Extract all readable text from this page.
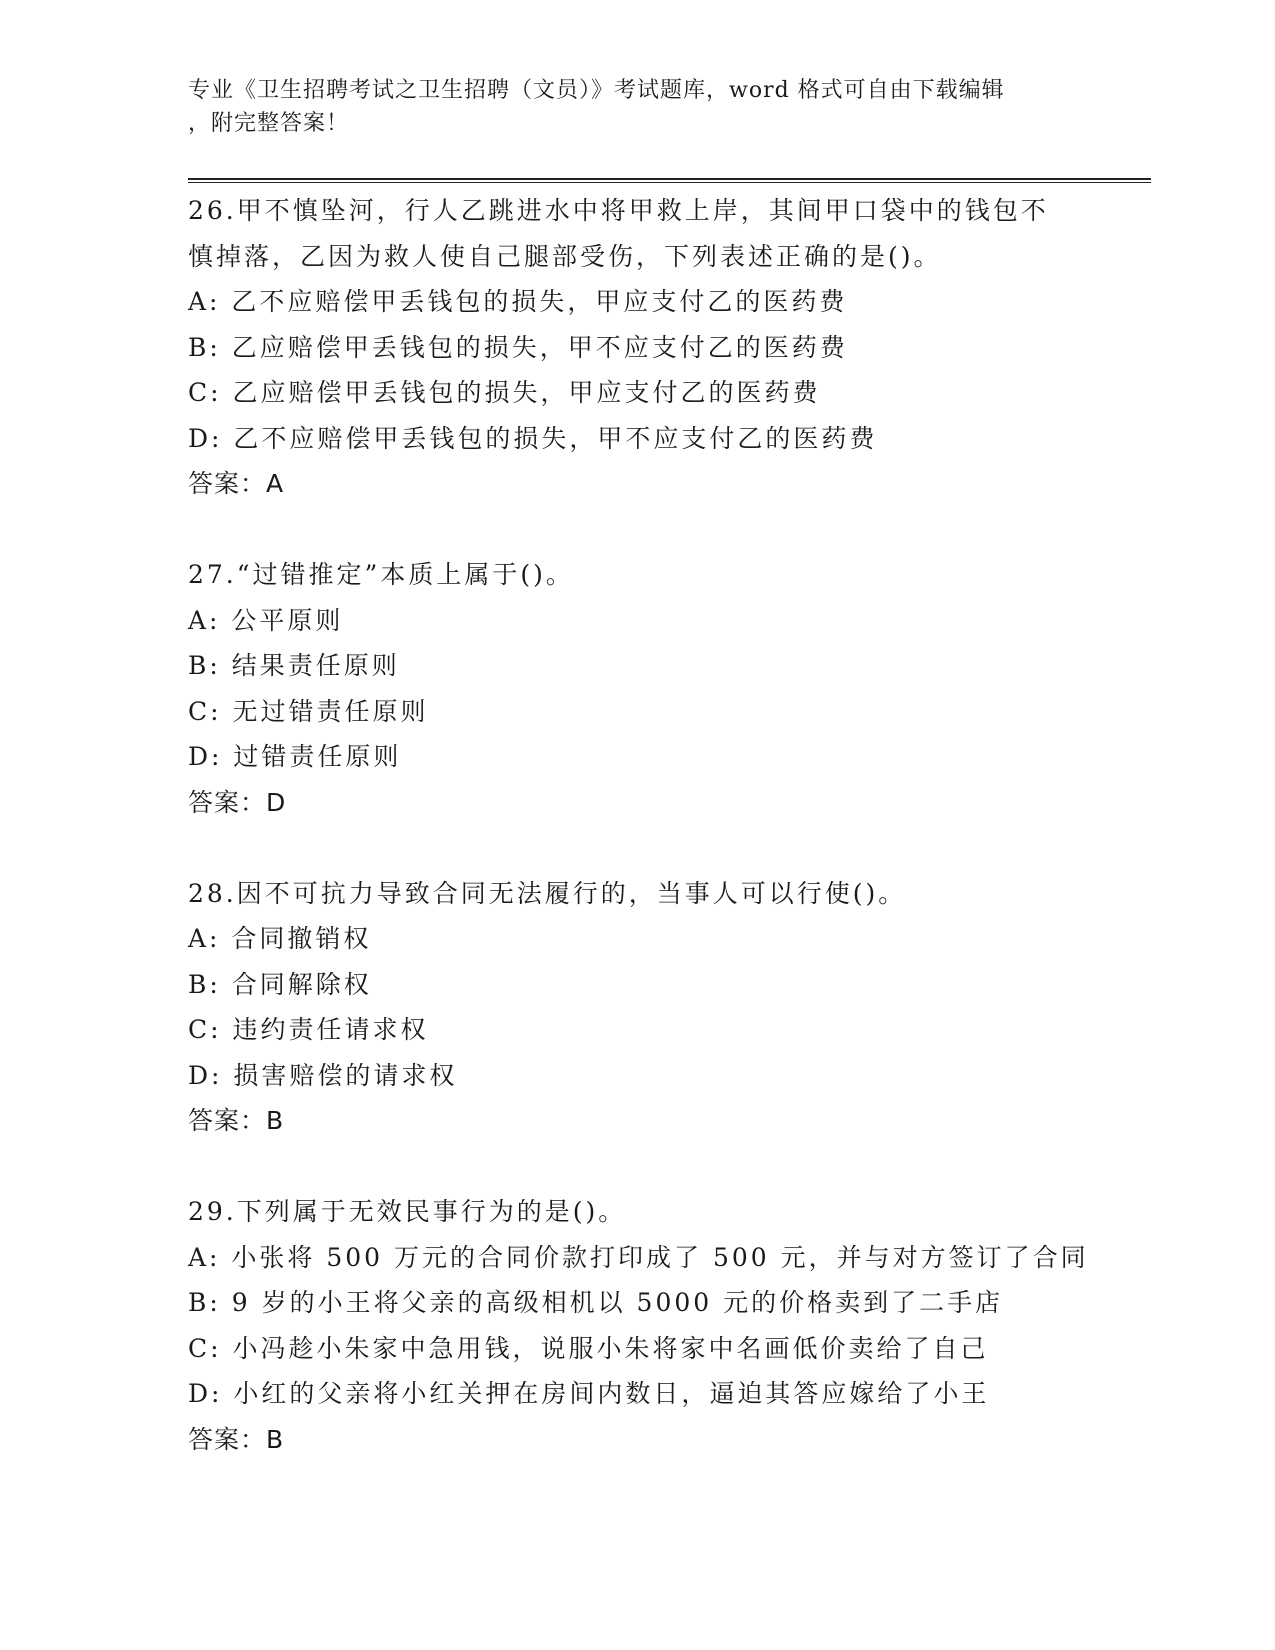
专业《卫生招聘考试之卫生招聘（文员）》考试题库，word 格式可自由下载编辑
，附完整答案！
26.甲不慎坠河，行人乙跳进水中将甲救上岸，其间甲口袋中的钱包不
慎掉落，乙因为救人使自己腿部受伤，下列表述正确的是()。
A: 乙不应赔偿甲丢钱包的损失，甲应支付乙的医药费
B: 乙应赔偿甲丢钱包的损失，甲不应支付乙的医药费
C: 乙应赔偿甲丢钱包的损失，甲应支付乙的医药费
D: 乙不应赔偿甲丢钱包的损失，甲不应支付乙的医药费
答案：A
27.“过错推定”本质上属于()。
A: 公平原则
B: 结果责任原则
C: 无过错责任原则
D: 过错责任原则
答案：D
28.因不可抗力导致合同无法履行的，当事人可以行使()。
A: 合同撤销权
B: 合同解除权
C: 违约责任请求权
D: 损害赔偿的请求权
答案：B
29.下列属于无效民事行为的是()。
A: 小张将 500 万元的合同价款打印成了 500 元，并与对方签订了合同
B: 9 岁的小王将父亲的高级相机以 5000 元的价格卖到了二手店
C: 小冯趁小朱家中急用钱，说服小朱将家中名画低价卖给了自己
D: 小红的父亲将小红关押在房间内数日，逼迫其答应嫁给了小王
答案：B
